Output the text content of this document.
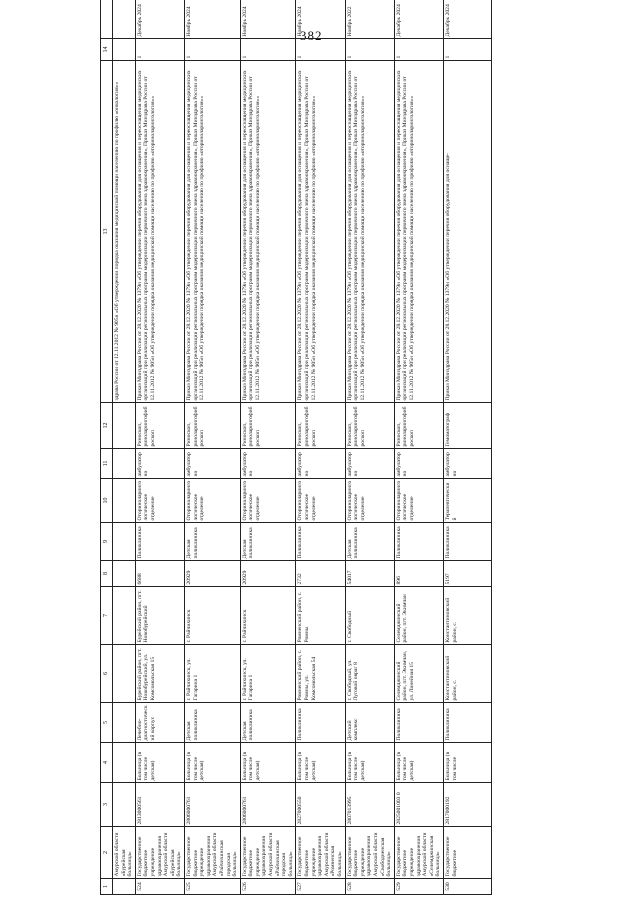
382
1	2	3	4	5	6	7	8	9	10	11	12	13	14	
	Амурской области «Бурейская больница»											здрава России от 12.11.2012 № 905н «Об утверждении порядка оказания медицинской помощи населению по профилю «онкология»»		
524	Государственное бюджетное учреждение здравоохранения Амурской области «Бурейская больница»	2813000561	Больница (в том числе детская)	Лечебно-диагностический корпус	Бурейский район, пгт. Новобурейский, ул. Комсомольская 15	Бурейский район, пгт. Новобурейский	6688	Поликлиника	Оториноларингологическое отделение	амбулаторно	Риноскоп, риноларингофиброскоп	Приказ Минздрава России от 28.12.2020 № 1379н «Об утверждении перечня оборудования для оснащения и переоснащения медицинских организаций при реализации региональных программ модернизации первичного звена здравоохранения», Приказ Минздрава России от 12.11.2012 № 905н «Об утверждении порядка оказания медицинской помощи населению по профилю «оториноларингология»»	1	Декабрь 2024
525	Государственное бюджетное учреждение здравоохранения Амурской области «Райчихинская городская больница»	2806000761	Больница (в том числе детская)	Детская поликлиника	г. Райчихинск, ул. Гагарина 1	г. Райчихинск	20929	Детская поликлиника	Оториноларингологическое отделение	амбулаторно	Риноскоп, риноларингофиброскоп	Приказ Минздрава России от 28.12.2020 № 1379н «Об утверждении перечня оборудования для оснащения и переоснащения медицинских организаций при реализации региональных программ модернизации первичного звена здравоохранения», Приказ Минздрава России от 12.11.2012 № 905н «Об утверждении порядка оказания медицинской помощи населению по профилю «оториноларингология»»	1	Ноябрь 2024
526	Государственное бюджетное учреждение здравоохранения Амурской области «Райчихинская городская больница»	2806000761	Больница (в том числе детская)	Детская поликлиника	г. Райчихинск, ул. Гагарина 1	г. Райчихинск	20929	Детская поликлиника	Оториноларингологическое отделение	амбулаторно	Риноскоп, риноларингофиброскоп	Приказ Минздрава России от 28.12.2020 № 1379н «Об утверждении перечня оборудования для оснащения и переоснащения медицинских организаций при реализации региональных программ модернизации первичного звена здравоохранения», Приказ Минздрава России от 12.11.2012 № 905н «Об утверждении порядка оказания медицинской помощи населению по профилю «оториноларингология»»	1	Ноябрь 2024
527	Государственное бюджетное учреждение здравоохранения Амурской области «Ромненская больница»	2827000550	Больница (в том числе детская)	Поликлиника	Ромненский район, с. Ромны, ул. Комсомольская 54	Ромненский район, с. Ромны	2732	Поликлиника	Оториноларингологическое отделение	амбулаторно	Риноскоп, риноларингофиброскоп	Приказ Минздрава России от 28.12.2020 № 1379н «Об утверждении перечня оборудования для оснащения и переоснащения медицинских организаций при реализации региональных программ модернизации первичного звена здравоохранения», Приказ Минздрава России от 12.11.2012 № 905н «Об утверждении порядка оказания медицинской помощи населению по профилю «оториноларингология»»	1	Ноябрь 2024
528	Государственное бюджетное учреждение здравоохранения Амурской области «Свободненская больница»	2807013995	Больница (в том числе детская)	Детский комплекс	г. Свободный, ул. Луговой овраг 8	г. Свободный	54017	Детская поликлиника	Оториноларингологическое отделение	амбулаторно	Риноскоп, риноларингофиброскоп	Приказ Минздрава России от 28.12.2020 № 1379н «Об утверждении перечня оборудования для оснащения и переоснащения медицинских организаций при реализации региональных программ модернизации первичного звена здравоохранения», Приказ Минздрава России от 12.11.2012 № 905н «Об утверждении порядка оказания медицинской помощи населению по профилю «оториноларингология»»	1	Ноябрь 2022
529	Государственное бюджетное учреждение здравоохранения Амурской области «Селемджинская больница»	2825001003 0	Больница (в том числе детская)	Поликлиника	Селемджинский район, пгт. Экимчан, ул. Линейная 15	Селемджинский район, пгт. Экимчан	896	Поликлиника	Оториноларингологическое отделение	амбулаторно	Риноскоп, риноларингофиброскоп	Приказ Минздрава России от 28.12.2020 № 1379н «Об утверждении перечня оборудования для оснащения и переоснащения медицинских организаций при реализации региональных программ модернизации первичного звена здравоохранения», Приказ Минздрава России от 12.11.2012 № 905н «Об утверждении порядка оказания медицинской помощи населению по профилю «оториноларингология»»	1	Декабрь 2024
530	Государственное бюджетное	2817000192	Больница (в том числе	Поликлиника	Константиновский район, с.	Константиновский район, с.	5197	Поликлиника	Терапевтический	амбулаторно	Гемоматограф	Приказ Минздрава России от 28.12.2020 № 1379н «Об утверждении перечня оборудования для оснаще-	1	Декабрь 2024
